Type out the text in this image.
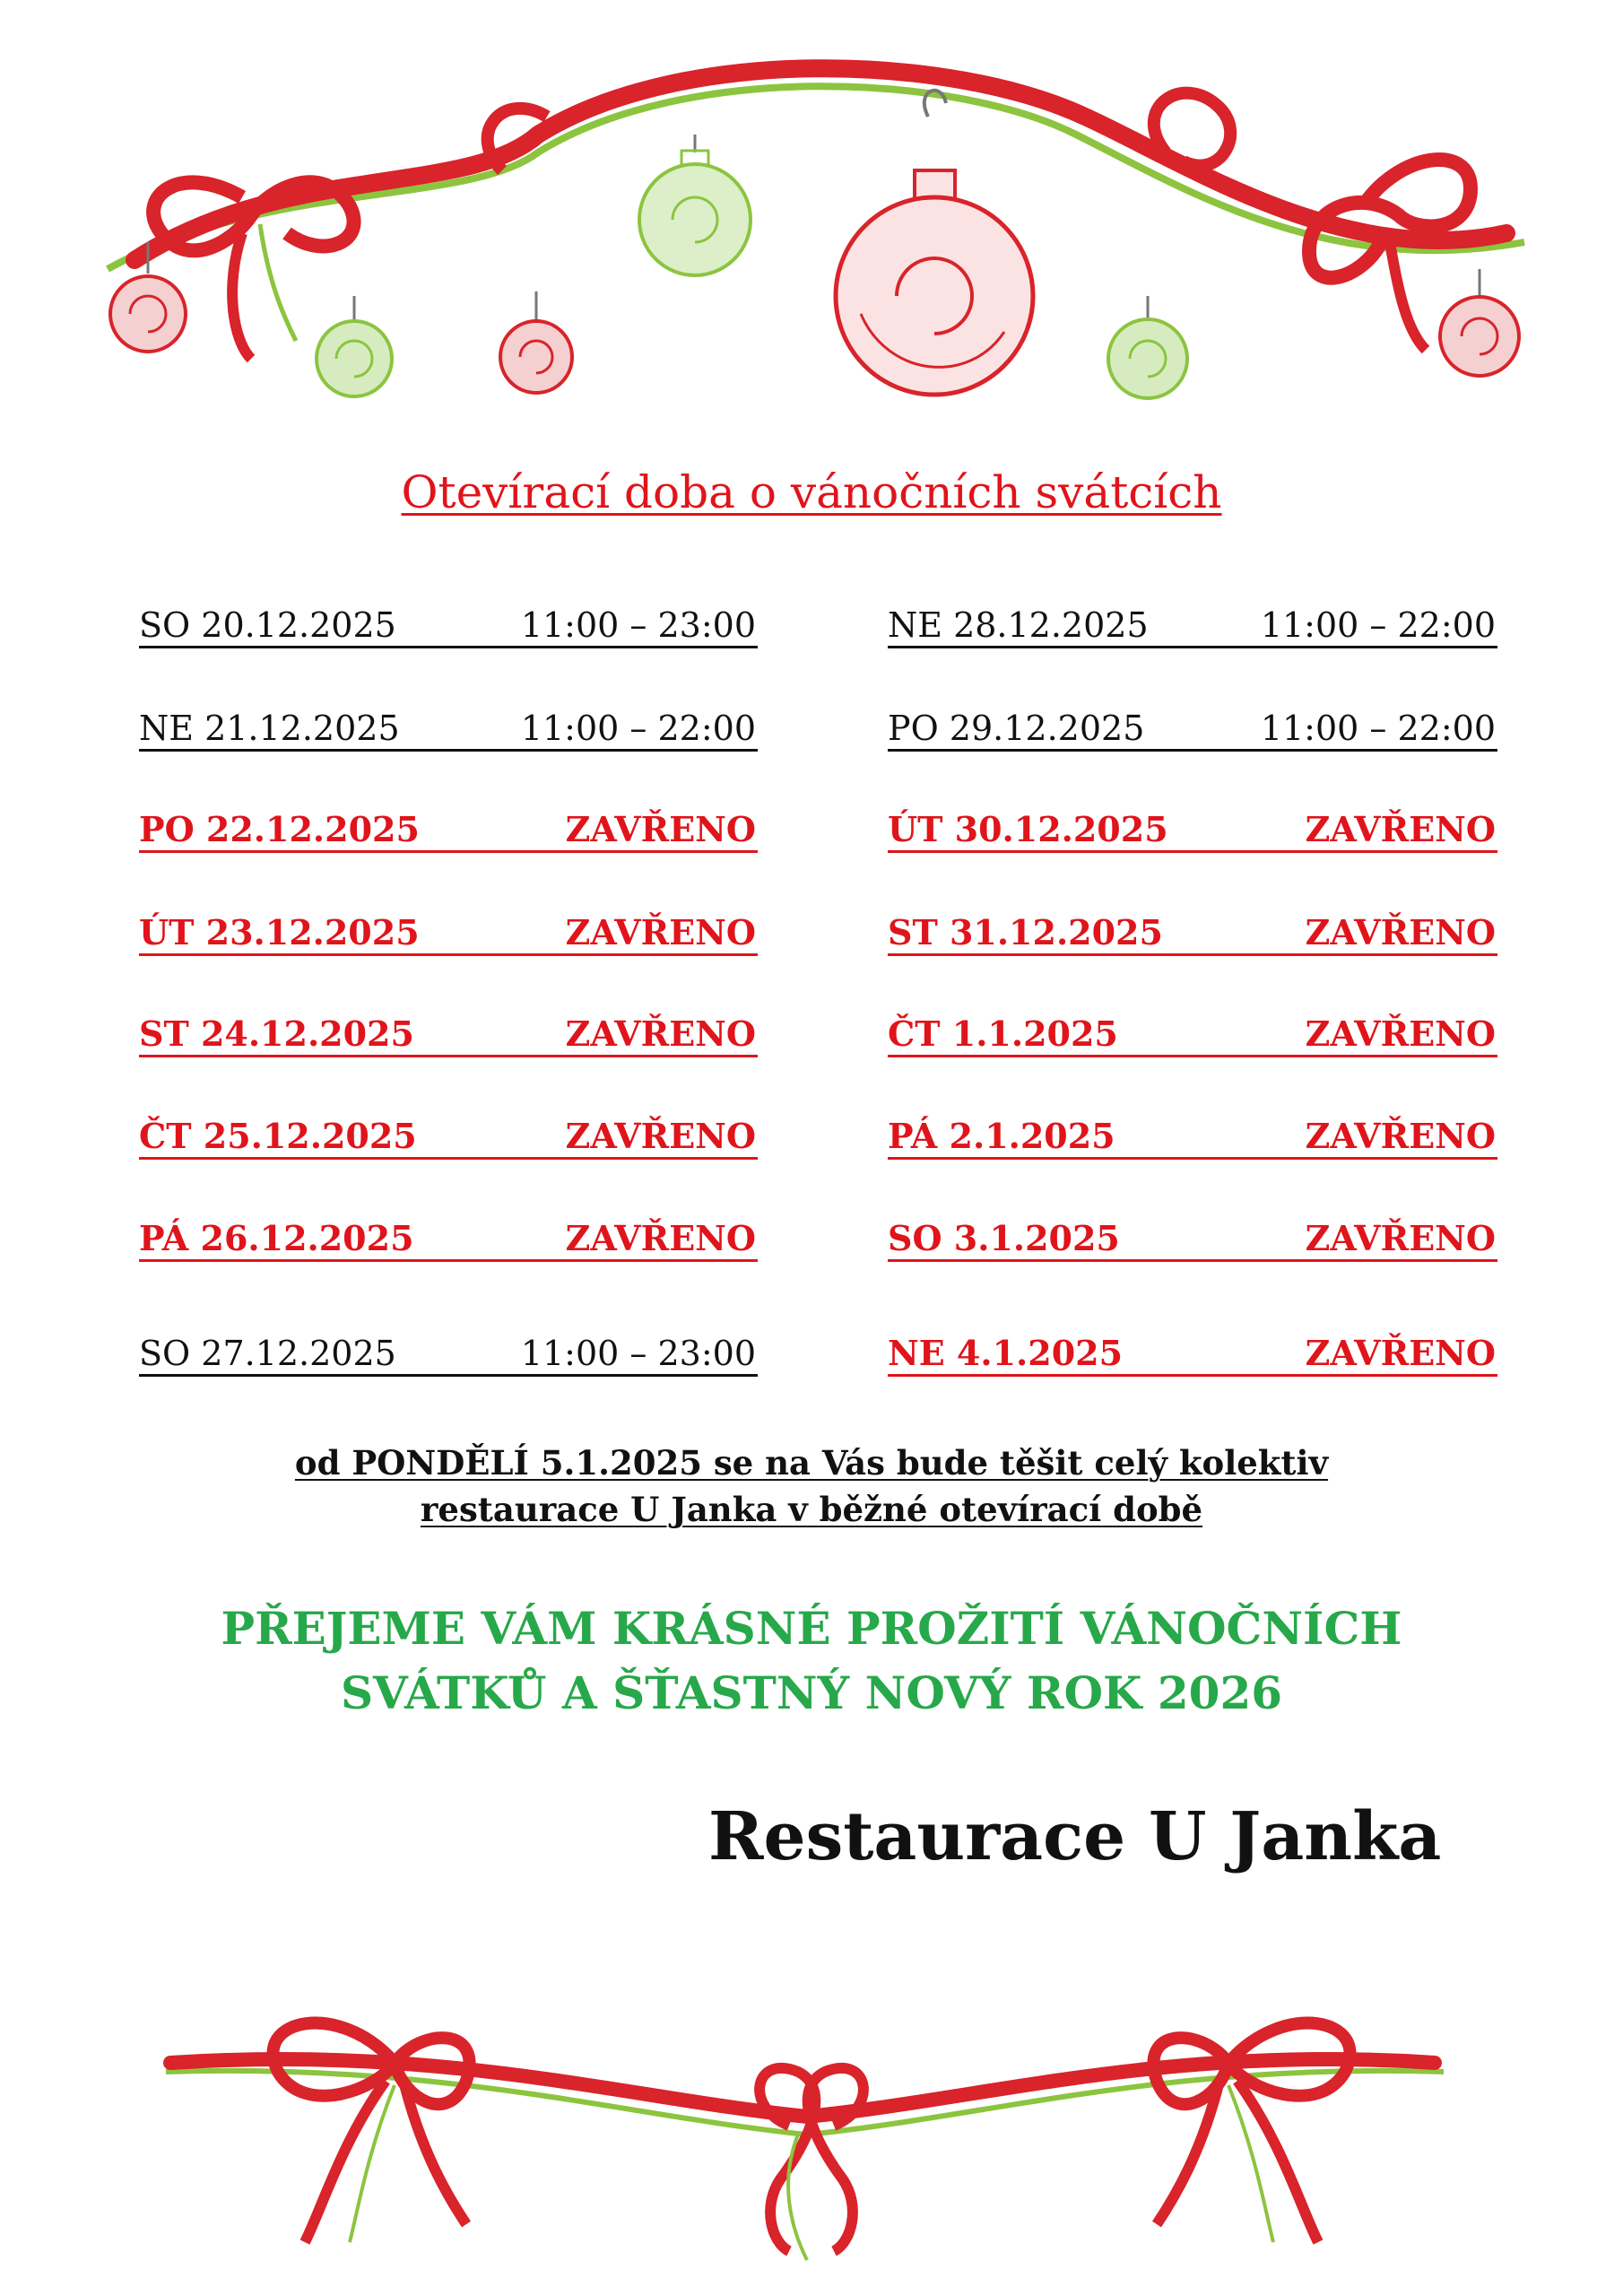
Otevírací doba o vánočních svátcích
SO 20.12.2025	11:00 – 23:00
NE 21.12.2025	11:00 – 22:00
PO 22.12.2025	ZAVŘENO
ÚT 23.12.2025	ZAVŘENO
ST 24.12.2025	ZAVŘENO
ČT 25.12.2025	ZAVŘENO
PÁ 26.12.2025	ZAVŘENO
SO 27.12.2025	11:00 – 23:00
NE 28.12.2025	11:00 – 22:00
PO 29.12.2025	11:00 – 22:00
ÚT 30.12.2025	ZAVŘENO
ST 31.12.2025	ZAVŘENO
ČT 1.1.2025	ZAVŘENO
PÁ 2.1.2025	ZAVŘENO
SO 3.1.2025	ZAVŘENO
NE 4.1.2025	ZAVŘENO
od PONDĚLÍ 5.1.2025 se na Vás bude těšit celý kolektiv
restaurace U Janka v běžné otevírací době
PŘEJEME VÁM KRÁSNÉ PROŽITÍ VÁNOČNÍCH
SVÁTKŮ A ŠŤASTNÝ NOVÝ ROK 2026
Restaurace U Janka
